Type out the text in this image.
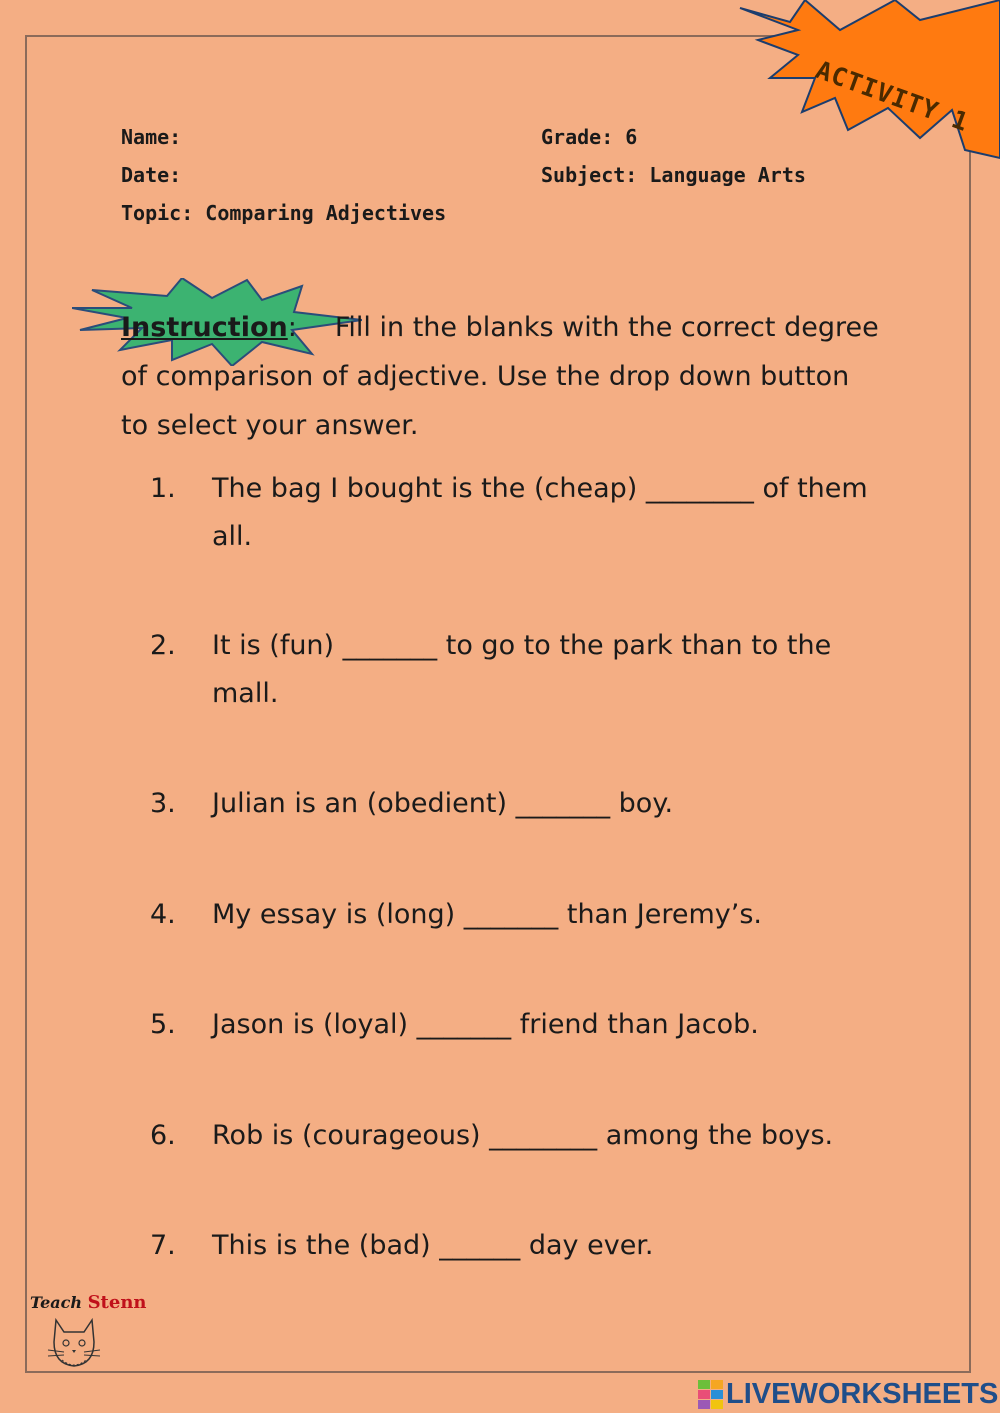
ACTIVITY 1
Name:
Date:
Topic: Comparing Adjectives
Grade: 6
Subject: Language Arts
Instruction: Fill in the blanks with the correct degree of comparison of adjective. Use the drop down button to select your answer.
1. The bag I bought is the (cheap) ________ of them all.
2. It is (fun) _______ to go to the park than to the mall.
3. Julian is an (obedient) _______ boy.
4. My essay is (long) _______ than Jeremy’s.
5. Jason is (loyal) _______ friend than Jacob.
6. Rob is (courageous) ________ among the boys.
7. This is the (bad) ______ day ever.
Teach Stenn
LIVEWORKSHEETS
